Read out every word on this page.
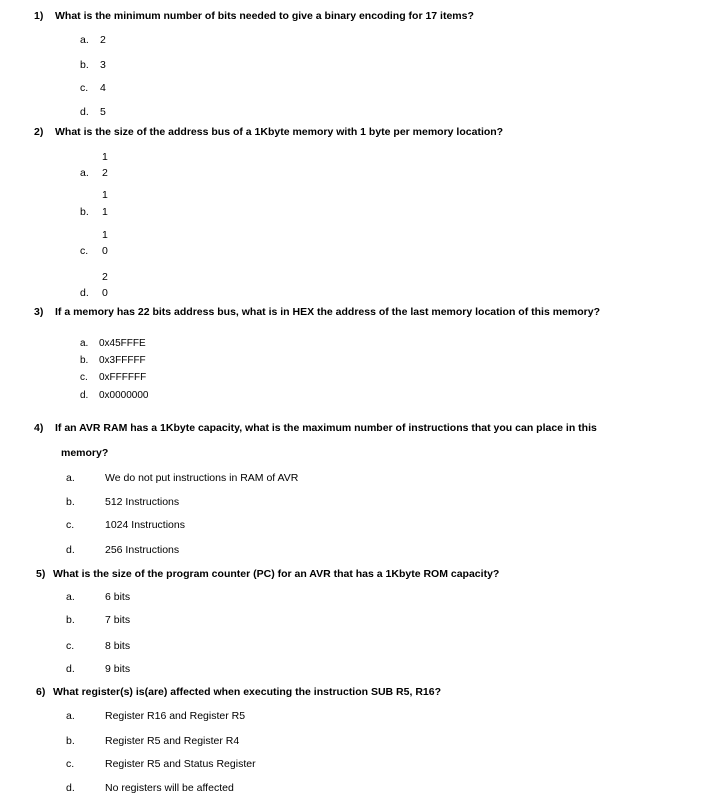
1) What is the minimum number of bits needed to give a binary encoding for 17 items?
a. 2
b. 3
c. 4
d. 5
2) What is the size of the address bus of a 1Kbyte memory with 1 byte per memory location?
1
a. 2
1
b. 1
1
c. 0
2
d. 0
3) If a memory has 22 bits address bus, what is in HEX the address of the last memory location of this memory?
a. 0x45FFFE
b. 0x3FFFFF
c. 0xFFFFFF
d. 0x0000000
4) If an AVR RAM has a 1Kbyte capacity, what is the maximum number of instructions that you can place in this
memory?
a.	We do not put instructions in RAM of AVR
b.	512 Instructions
c.	1024 Instructions
d.	256 Instructions
5) What is the size of the program counter (PC) for an AVR that has a 1Kbyte ROM capacity?
a.	6 bits
b.	7 bits
c.	8 bits
d.	9 bits
6) What register(s) is(are) affected when executing the instruction SUB R5, R16?
a.	Register R16 and Register R5
b.	Register R5 and Register R4
c.	Register R5 and Status Register
d.	No registers will be affected
